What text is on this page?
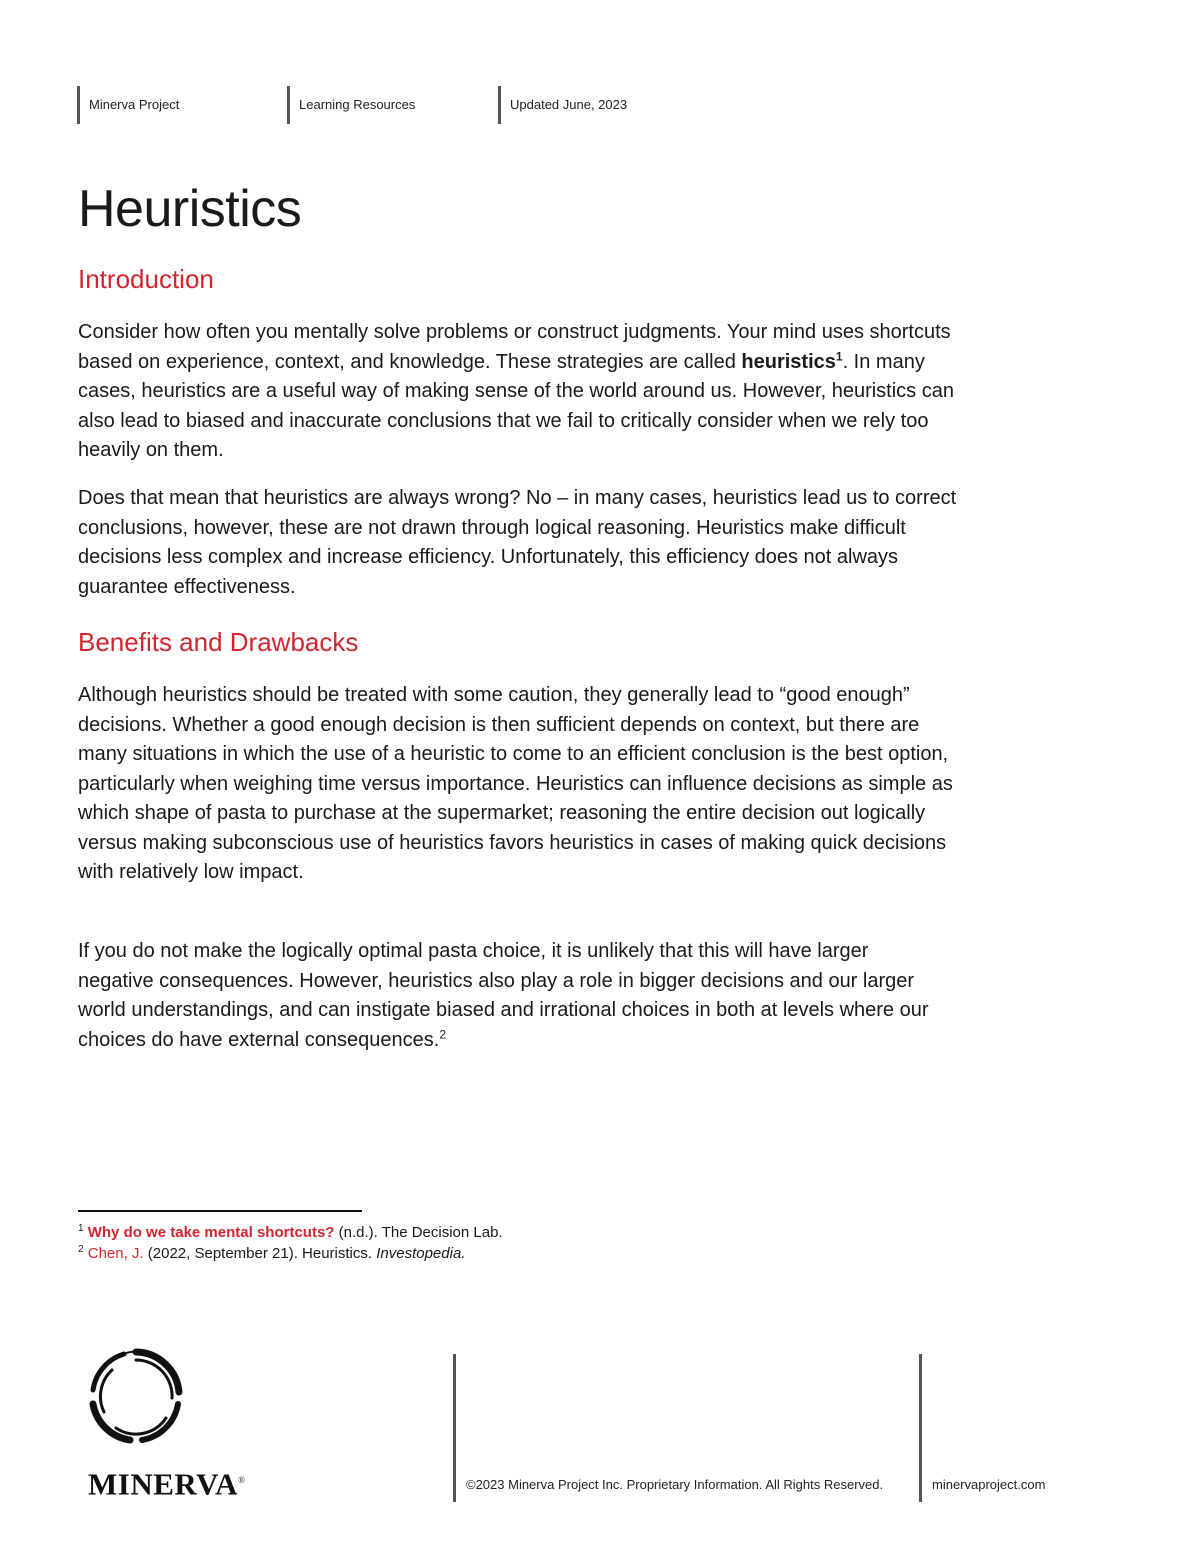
Minerva Project	Learning Resources	Updated June, 2023
Heuristics
Introduction

Consider how often you mentally solve problems or construct judgments. Your mind uses shortcuts based on experience, context, and knowledge. These strategies are called heuristics$^1$. In many cases, heuristics are a useful way of making sense of the world around us. However, heuristics can also lead to biased and inaccurate conclusions that we fail to critically consider when we rely too heavily on them.

Does that mean that heuristics are always wrong? No – in many cases, heuristics lead us to correct conclusions, however, these are not drawn through logical reasoning. Heuristics make difficult decisions less complex and increase efficiency. Unfortunately, this efficiency does not always guarantee effectiveness.

Benefits and Drawbacks

Although heuristics should be treated with some caution, they generally lead to “good enough” decisions. Whether a good enough decision is then sufficient depends on context, but there are many situations in which the use of a heuristic to come to an efficient conclusion is the best option, particularly when weighing time versus importance. Heuristics can influence decisions as simple as which shape of pasta to purchase at the supermarket; reasoning the entire decision out logically versus making subconscious use of heuristics favors heuristics in cases of making quick decisions with relatively low impact.

If you do not make the logically optimal pasta choice, it is unlikely that this will have larger negative consequences. However, heuristics also play a role in bigger decisions and our larger world understandings, and can instigate biased and irrational choices in both at levels where our choices do have external consequences.$^2$

$^1$ Why do we take mental shortcuts? (n.d.). The Decision Lab.

$^2$ Chen, J. (2022, September 21). Heuristics. Investopedia.

MINERVA®	©2023 Minerva Project Inc. Proprietary Information. All Rights Reserved.	minervaproject.com
